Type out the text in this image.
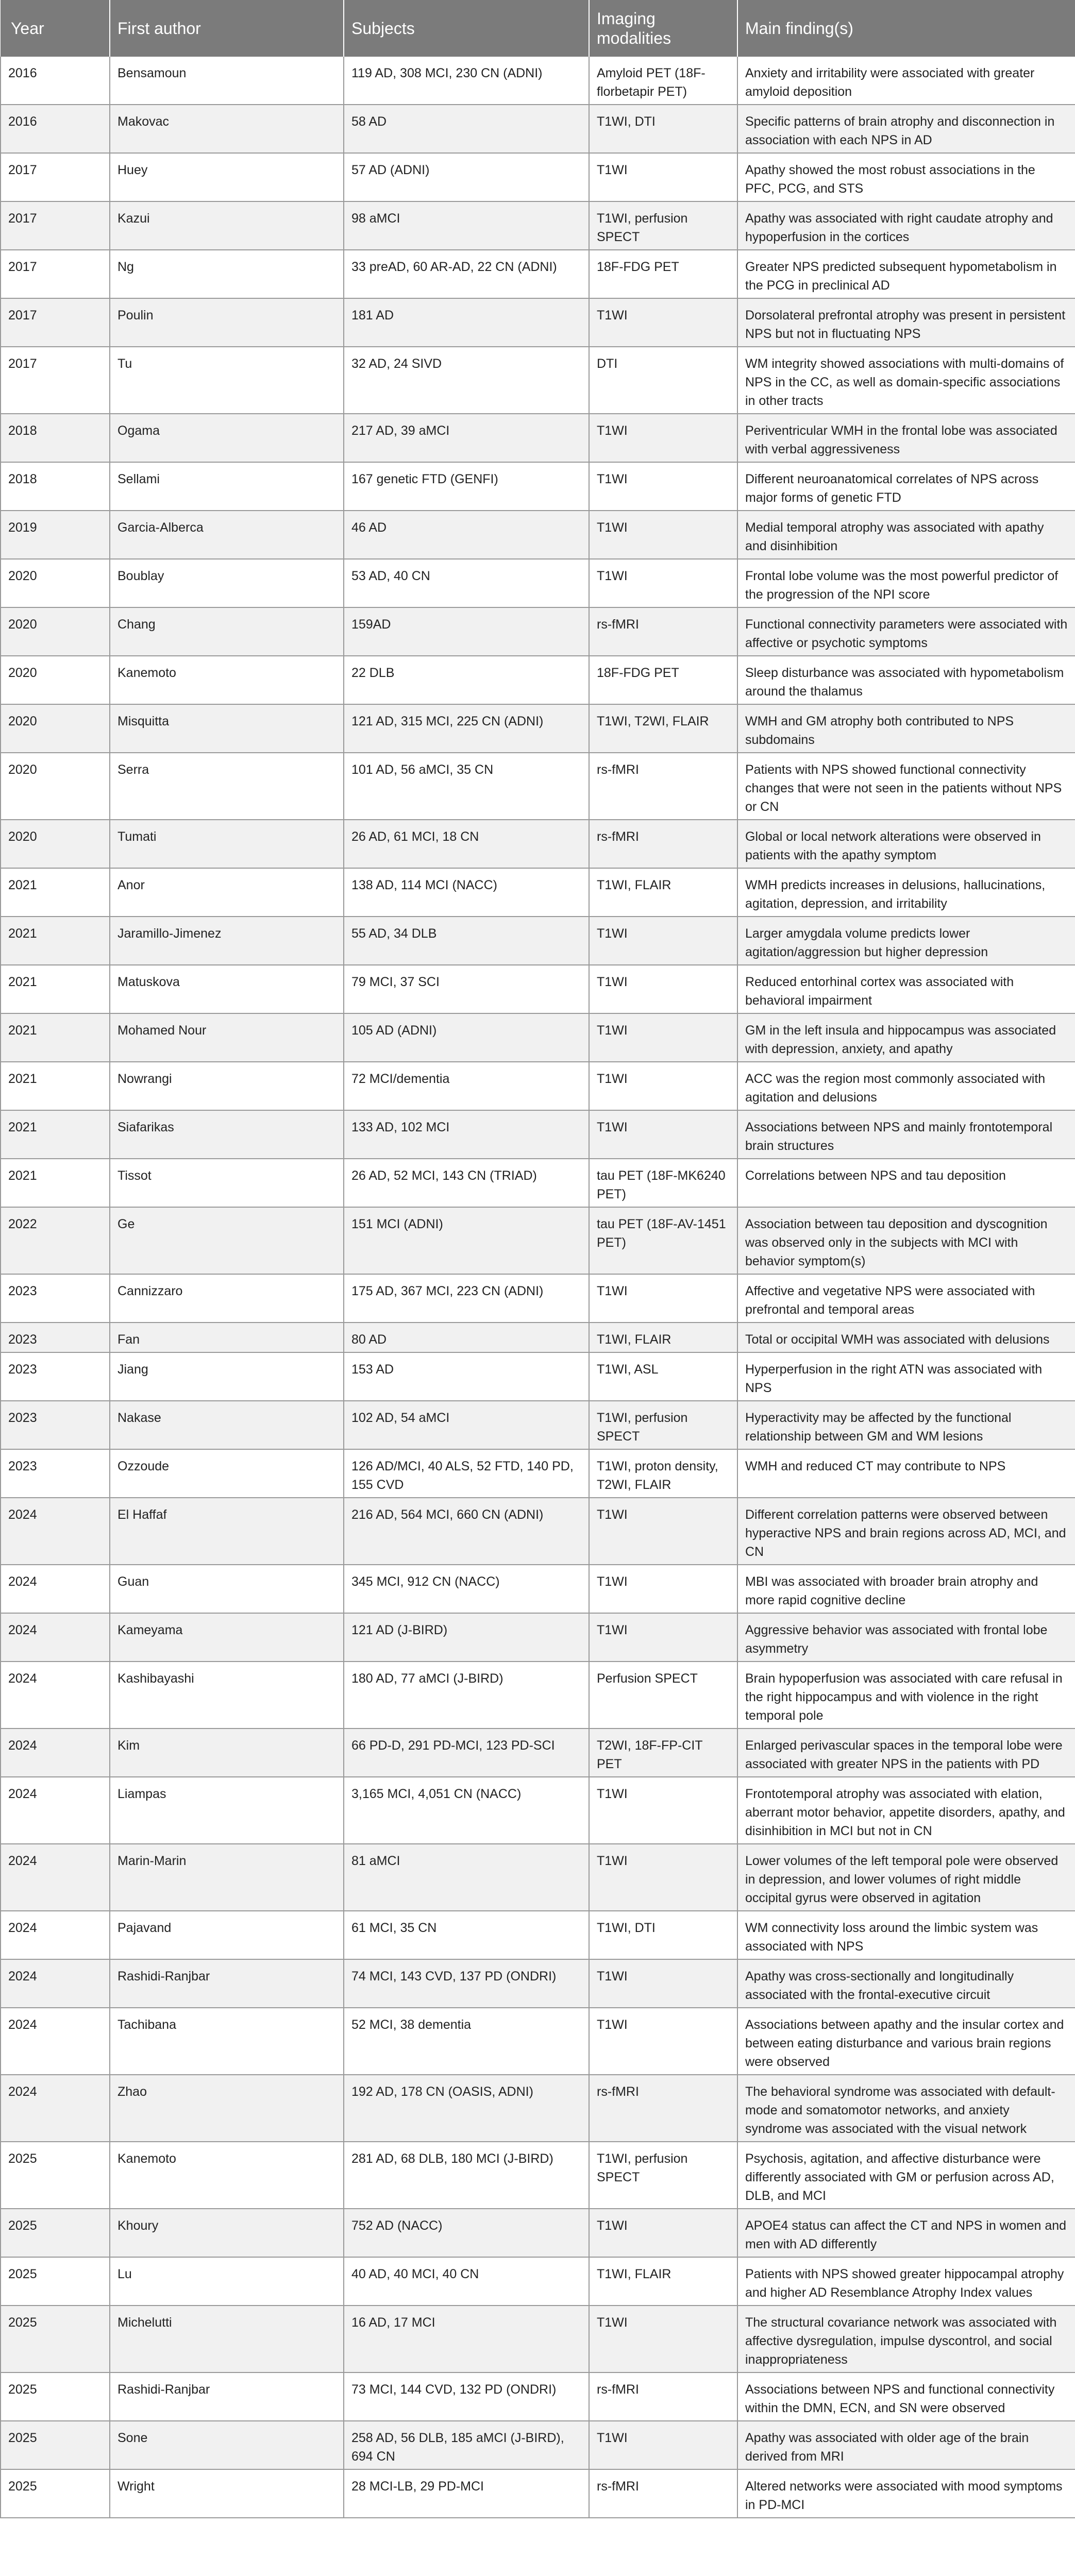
Year	First author	Subjects	Imaging modalities	Main finding(s)
2016	Bensamoun	119 AD, 308 MCI, 230 CN (ADNI)	Amyloid PET (18F-florbetapir PET)	Anxiety and irritability were associated with greater amyloid deposition
2016	Makovac	58 AD	T1WI, DTI	Specific patterns of brain atrophy and disconnection in association with each NPS in AD
2017	Huey	57 AD (ADNI)	T1WI	Apathy showed the most robust associations in the PFC, PCG, and STS
2017	Kazui	98 aMCI	T1WI, perfusion SPECT	Apathy was associated with right caudate atrophy and hypoperfusion in the cortices
2017	Ng	33 preAD, 60 AR-AD, 22 CN (ADNI)	18F-FDG PET	Greater NPS predicted subsequent hypometabolism in the PCG in preclinical AD
2017	Poulin	181 AD	T1WI	Dorsolateral prefrontal atrophy was present in persistent NPS but not in fluctuating NPS
2017	Tu	32 AD, 24 SIVD	DTI	WM integrity showed associations with multi-domains of NPS in the CC, as well as domain-specific associations in other tracts
2018	Ogama	217 AD, 39 aMCI	T1WI	Periventricular WMH in the frontal lobe was associated with verbal aggressiveness
2018	Sellami	167 genetic FTD (GENFI)	T1WI	Different neuroanatomical correlates of NPS across major forms of genetic FTD
2019	Garcia-Alberca	46 AD	T1WI	Medial temporal atrophy was associated with apathy and disinhibition
2020	Boublay	53 AD, 40 CN	T1WI	Frontal lobe volume was the most powerful predictor of the progression of the NPI score
2020	Chang	159AD	rs-fMRI	Functional connectivity parameters were associated with affective or psychotic symptoms
2020	Kanemoto	22 DLB	18F-FDG PET	Sleep disturbance was associated with hypometabolism around the thalamus
2020	Misquitta	121 AD, 315 MCI, 225 CN (ADNI)	T1WI, T2WI, FLAIR	WMH and GM atrophy both contributed to NPS subdomains
2020	Serra	101 AD, 56 aMCI, 35 CN	rs-fMRI	Patients with NPS showed functional connectivity changes that were not seen in the patients without NPS or CN
2020	Tumati	26 AD, 61 MCI, 18 CN	rs-fMRI	Global or local network alterations were observed in patients with the apathy symptom
2021	Anor	138 AD, 114 MCI (NACC)	T1WI, FLAIR	WMH predicts increases in delusions, hallucinations, agitation, depression, and irritability
2021	Jaramillo-Jimenez	55 AD, 34 DLB	T1WI	Larger amygdala volume predicts lower agitation/aggression but higher depression
2021	Matuskova	79 MCI, 37 SCI	T1WI	Reduced entorhinal cortex was associated with behavioral impairment
2021	Mohamed Nour	105 AD (ADNI)	T1WI	GM in the left insula and hippocampus was associated with depression, anxiety, and apathy
2021	Nowrangi	72 MCI/dementia	T1WI	ACC was the region most commonly associated with agitation and delusions
2021	Siafarikas	133 AD, 102 MCI	T1WI	Associations between NPS and mainly frontotemporal brain structures
2021	Tissot	26 AD, 52 MCI, 143 CN (TRIAD)	tau PET (18F-MK6240 PET)	Correlations between NPS and tau deposition
2022	Ge	151 MCI (ADNI)	tau PET (18F-AV-1451 PET)	Association between tau deposition and dyscognition was observed only in the subjects with MCI with behavior symptom(s)
2023	Cannizzaro	175 AD, 367 MCI, 223 CN (ADNI)	T1WI	Affective and vegetative NPS were associated with prefrontal and temporal areas
2023	Fan	80 AD	T1WI, FLAIR	Total or occipital WMH was associated with delusions
2023	Jiang	153 AD	T1WI, ASL	Hyperperfusion in the right ATN was associated with NPS
2023	Nakase	102 AD, 54 aMCI	T1WI, perfusion SPECT	Hyperactivity may be affected by the functional relationship between GM and WM lesions
2023	Ozzoude	126 AD/MCI, 40 ALS, 52 FTD, 140 PD, 155 CVD	T1WI, proton density, T2WI, FLAIR	WMH and reduced CT may contribute to NPS
2024	El Haffaf	216 AD, 564 MCI, 660 CN (ADNI)	T1WI	Different correlation patterns were observed between hyperactive NPS and brain regions across AD, MCI, and CN
2024	Guan	345 MCI, 912 CN (NACC)	T1WI	MBI was associated with broader brain atrophy and more rapid cognitive decline
2024	Kameyama	121 AD (J-BIRD)	T1WI	Aggressive behavior was associated with frontal lobe asymmetry
2024	Kashibayashi	180 AD, 77 aMCI (J-BIRD)	Perfusion SPECT	Brain hypoperfusion was associated with care refusal in the right hippocampus and with violence in the right temporal pole
2024	Kim	66 PD-D, 291 PD-MCI, 123 PD-SCI	T2WI, 18F-FP-CIT PET	Enlarged perivascular spaces in the temporal lobe were associated with greater NPS in the patients with PD
2024	Liampas	3,165 MCI, 4,051 CN (NACC)	T1WI	Frontotemporal atrophy was associated with elation, aberrant motor behavior, appetite disorders, apathy, and disinhibition in MCI but not in CN
2024	Marin-Marin	81 aMCI	T1WI	Lower volumes of the left temporal pole were observed in depression, and lower volumes of right middle occipital gyrus were observed in agitation
2024	Pajavand	61 MCI, 35 CN	T1WI, DTI	WM connectivity loss around the limbic system was associated with NPS
2024	Rashidi-Ranjbar	74 MCI, 143 CVD, 137 PD (ONDRI)	T1WI	Apathy was cross-sectionally and longitudinally associated with the frontal-executive circuit
2024	Tachibana	52 MCI, 38 dementia	T1WI	Associations between apathy and the insular cortex and between eating disturbance and various brain regions were observed
2024	Zhao	192 AD, 178 CN (OASIS, ADNI)	rs-fMRI	The behavioral syndrome was associated with default-mode and somatomotor networks, and anxiety syndrome was associated with the visual network
2025	Kanemoto	281 AD, 68 DLB, 180 MCI (J-BIRD)	T1WI, perfusion SPECT	Psychosis, agitation, and affective disturbance were differently associated with GM or perfusion across AD, DLB, and MCI
2025	Khoury	752 AD (NACC)	T1WI	APOE4 status can affect the CT and NPS in women and men with AD differently
2025	Lu	40 AD, 40 MCI, 40 CN	T1WI, FLAIR	Patients with NPS showed greater hippocampal atrophy and higher AD Resemblance Atrophy Index values
2025	Michelutti	16 AD, 17 MCI	T1WI	The structural covariance network was associated with affective dysregulation, impulse dyscontrol, and social inappropriateness
2025	Rashidi-Ranjbar	73 MCI, 144 CVD, 132 PD (ONDRI)	rs-fMRI	Associations between NPS and functional connectivity within the DMN, ECN, and SN were observed
2025	Sone	258 AD, 56 DLB, 185 aMCI (J-BIRD), 694 CN	T1WI	Apathy was associated with older age of the brain derived from MRI
2025	Wright	28 MCI-LB, 29 PD-MCI	rs-fMRI	Altered networks were associated with mood symptoms in PD-MCI
